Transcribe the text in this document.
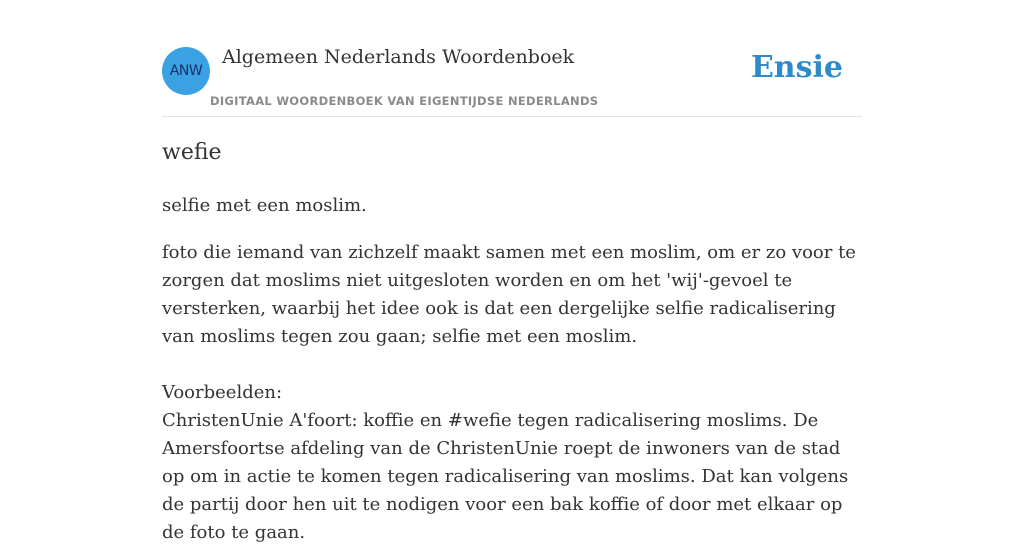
ANW
Algemeen Nederlands Woordenboek
DIGITAAL WOORDENBOEK VAN EIGENTIJDSE NEDERLANDS
Ensie
wefie
selfie met een moslim.

foto die iemand van zichzelf maakt samen met een moslim, om er zo voor te zorgen dat moslims niet uitgesloten worden en om het 'wij'-gevoel te versterken, waarbij het idee ook is dat een dergelijke selfie radicalisering van moslims tegen zou gaan; selfie met een moslim.

Voorbeelden:

ChristenUnie A'foort: koffie en #wefie tegen radicalisering moslims. De Amersfoortse afdeling van de ChristenUnie roept de inwoners van de stad op om in actie te komen tegen radicalisering van moslims. Dat kan volgens de partij door hen uit te nodigen voor een bak koffie of door met elkaar op de foto te gaan.
